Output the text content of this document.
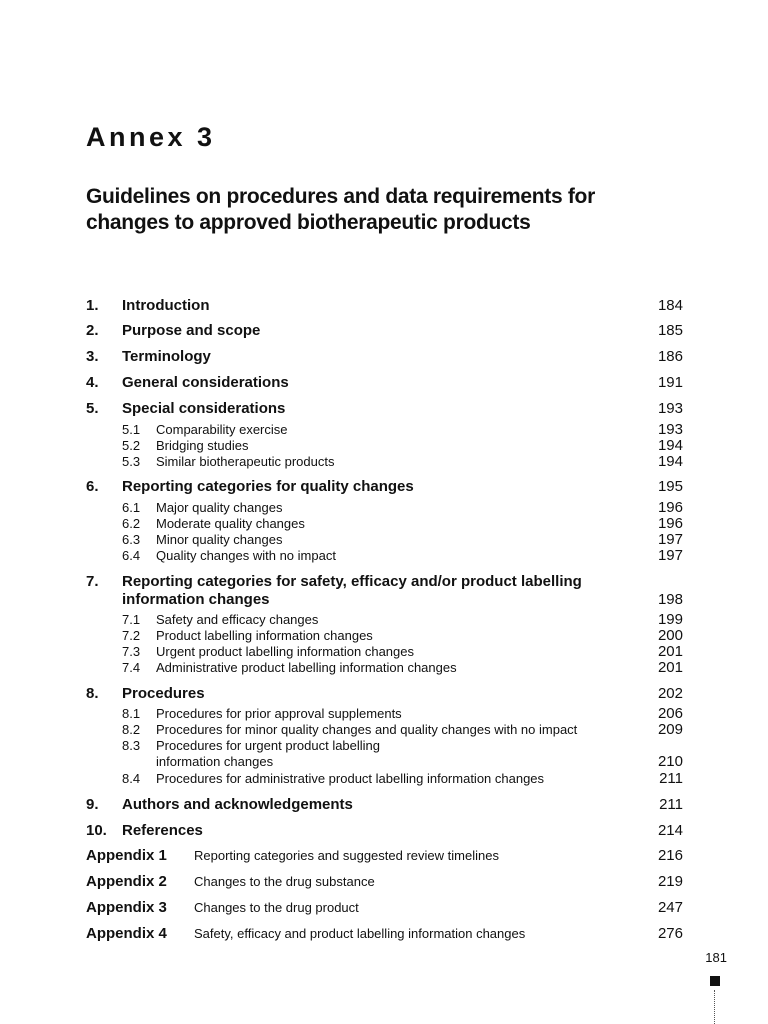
Annex 3
Guidelines on procedures and data requirements for
changes to approved biotherapeutic products
1. Introduction	184
2. Purpose and scope	185
3. Terminology	186
4. General considerations	191
5. Special considerations	193
5.1 Comparability exercise	193
5.2 Bridging studies	194
5.3 Similar biotherapeutic products	194
6. Reporting categories for quality changes	195
6.1 Major quality changes	196
6.2 Moderate quality changes	196
6.3 Minor quality changes	197
6.4 Quality changes with no impact	197
7. Reporting categories for safety, efficacy and/or product labelling
information changes	198
7.1 Safety and efficacy changes	199
7.2 Product labelling information changes	200
7.3 Urgent product labelling information changes	201
7.4 Administrative product labelling information changes	201
8. Procedures	202
8.1 Procedures for prior approval supplements	206
8.2 Procedures for minor quality changes and quality changes with no impact	209
8.3 Procedures for urgent product labelling
information changes	210
8.4 Procedures for administrative product labelling information changes	211
9. Authors and acknowledgements	211
10. References	214
Appendix 1 Reporting categories and suggested review timelines	216
Appendix 2 Changes to the drug substance	219
Appendix 3 Changes to the drug product	247
Appendix 4 Safety, efficacy and product labelling information changes	276
181
